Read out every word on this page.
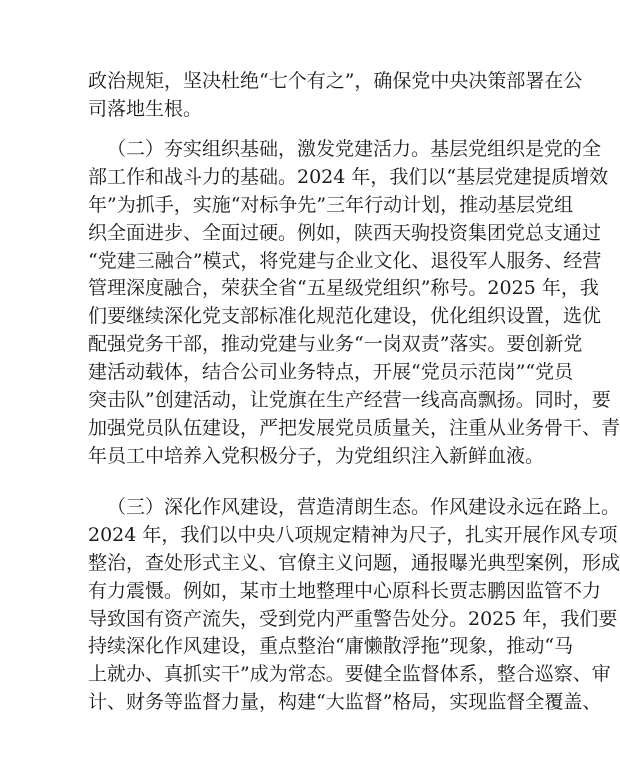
政治规矩，坚决杜绝“七个有之”，确保党中央决策部署在公
司落地生根。
（二）夯实组织基础，激发党建活力。基层党组织是党的全
部工作和战斗力的基础。2024 年，我们以“基层党建提质增效
年”为抓手，实施“对标争先”三年行动计划，推动基层党组
织全面进步、全面过硬。例如，陕西天驹投资集团党总支通过
“党建三融合”模式，将党建与企业文化、退役军人服务、经营
管理深度融合，荣获全省“五星级党组织”称号。2025 年，我
们要继续深化党支部标准化规范化建设，优化组织设置，选优
配强党务干部，推动党建与业务“一岗双责”落实。要创新党
建活动载体，结合公司业务特点，开展“党员示范岗”“党员
突击队”创建活动，让党旗在生产经营一线高高飘扬。同时，要
加强党员队伍建设，严把发展党员质量关，注重从业务骨干、青
年员工中培养入党积极分子，为党组织注入新鲜血液。
（三）深化作风建设，营造清朗生态。作风建设永远在路上。
2024 年，我们以中央八项规定精神为尺子，扎实开展作风专项
整治，查处形式主义、官僚主义问题，通报曝光典型案例，形成
有力震慑。例如，某市土地整理中心原科长贾志鹏因监管不力
导致国有资产流失，受到党内严重警告处分。2025 年，我们要
持续深化作风建设，重点整治“庸懒散浮拖”现象，推动“马
上就办、真抓实干”成为常态。要健全监督体系，整合巡察、审
计、财务等监督力量，构建“大监督”格局，实现监督全覆盖、
